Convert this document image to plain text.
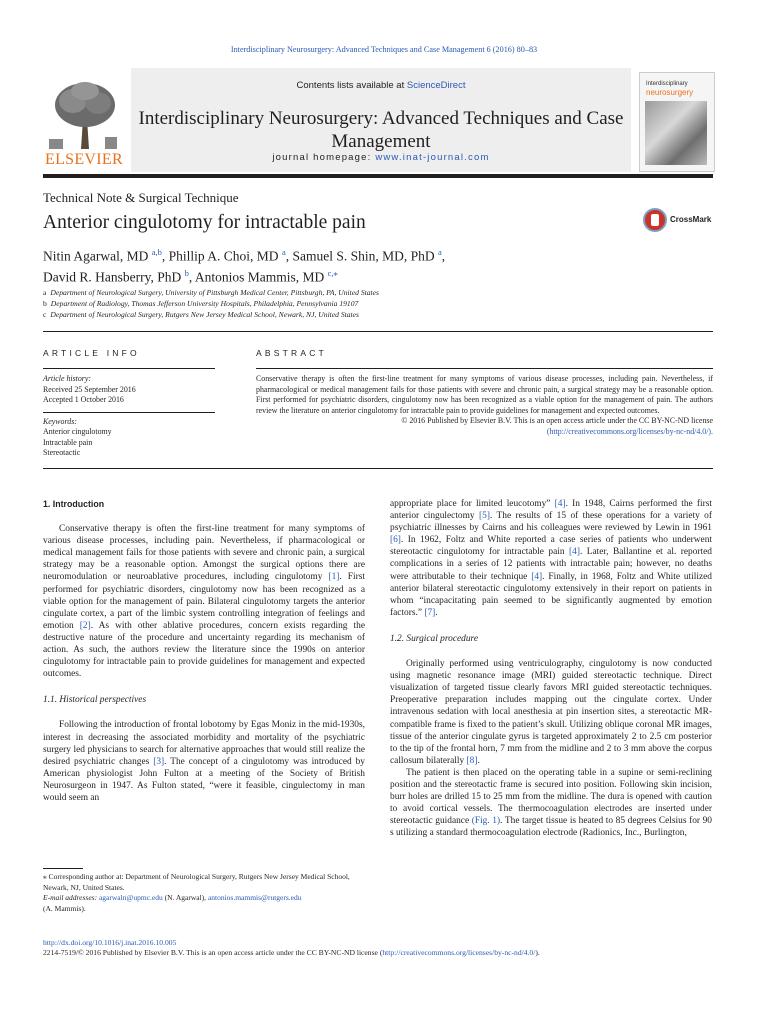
Interdisciplinary Neurosurgery: Advanced Techniques and Case Management 6 (2016) 80–83
ELSEVIER
Contents lists available at ScienceDirect
Interdisciplinary Neurosurgery: Advanced Techniques and Case Management
journal homepage: www.inat-journal.com
Interdisciplinary
neurosurgery
Technical Note & Surgical Technique
Anterior cingulotomy for intractable pain	CrossMark
Nitin Agarwal, MD $^{a,b}$, Phillip A. Choi, MD $^a$, Samuel S. Shin, MD, PhD $^a$,
David R. Hansberry, PhD $^b$, Antonios Mammis, MD $^{c,⁎}$
a Department of Neurological Surgery, University of Pittsburgh Medical Center, Pittsburgh, PA, United States
b Department of Radiology, Thomas Jefferson University Hospitals, Philadelphia, Pennsylvania 19107
c Department of Neurological Surgery, Rutgers New Jersey Medical School, Newark, NJ, United States
ARTICLE INFO	ABSTRACT
Article history:
Received 25 September 2016
Accepted 1 October 2016
Keywords:
Anterior cingulotomy
Intractable pain
Stereotactic
Conservative therapy is often the first-line treatment for many symptoms of various disease processes, including pain. Nevertheless, if pharmacological or medical management fails for those patients with severe and chronic pain, a surgical strategy may be a reasonable option. First performed for psychiatric disorders, cingulotomy now has been recognized as a viable option for the management of pain. The authors review the literature on anterior cingulotomy for intractable pain to provide guidelines for management and expected outcomes.
© 2016 Published by Elsevier B.V. This is an open access article under the CC BY-NC-ND license
(http://creativecommons.org/licenses/by-nc-nd/4.0/).
1. Introduction

Conservative therapy is often the first-line treatment for many symptoms of various disease processes, including pain. Nevertheless, if pharmacological or medical management fails for those patients with severe and chronic pain, a surgical strategy may be a reasonable option. Amongst the surgical options there are neuromodulation or neuroablative procedures, including cingulotomy [1]. First performed for psychiatric disorders, cingulotomy now has been recognized as a viable option for the management of pain. Bilateral cingulotomy targets the anterior cingulate cortex, a part of the limbic system controlling integration of feelings and emotion [2]. As with other ablative procedures, concern exists regarding the destructive nature of the procedure and uncertainty regarding its mechanism of action. As such, the authors review the literature since the 1990s on anterior cingulotomy for intractable pain to provide guidelines for management and expected outcomes.

1.1. Historical perspectives

Following the introduction of frontal lobotomy by Egas Moniz in the mid-1930s, interest in decreasing the associated morbidity and mortality of the psychiatric surgery led physicians to search for alternative approaches that would still realize the desired psychiatric changes [3]. The concept of a cingulotomy was introduced by American physiologist John Fulton at a meeting of the Society of British Neurosurgeon in 1947. As Fulton stated, “were it feasible, cingulectomy in man would seem an

appropriate place for limited leucotomy” [4]. In 1948, Cairns performed the first anterior cingulectomy [5]. The results of 15 of these operations for a variety of psychiatric illnesses by Cairns and his colleagues were reviewed by Lewin in 1961 [6]. In 1962, Foltz and White reported a case series of patients who underwent stereotactic cingulotomy for intractable pain [4]. Later, Ballantine et al. reported complications in a series of 12 patients with intractable pain; however, no deaths were attributable to their technique [4]. Finally, in 1968, Foltz and White utilized anterior bilateral stereotactic cingulotomy extensively in their report on patients in whom “incapacitating pain seemed to be significantly augmented by emotion factors.” [7].

1.2. Surgical procedure

Originally performed using ventriculography, cingulotomy is now conducted using magnetic resonance image (MRI) guided stereotactic technique. Direct visualization of targeted tissue clearly favors MRI guided stereotactic techniques. Preoperative preparation includes mapping out the cingulate cortex. Under intravenous sedation with local anesthesia at pin insertion sites, a stereotactic MR-compatible frame is fixed to the patient’s skull. Utilizing oblique coronal MR images, tissue of the anterior cingulate gyrus is targeted approximately 2 to 2.5 cm posterior to the tip of the frontal horn, 7 mm from the midline and 2 to 3 mm above the corpus callosum bilaterally [8].

The patient is then placed on the operating table in a supine or semi-reclining position and the stereotactic frame is secured into position. Following skin incision, burr holes are drilled 15 to 25 mm from the midline. The dura is opened with caution to avoid cortical vessels. The thermocoagulation electrodes are inserted under stereotactic guidance (Fig. 1). The target tissue is heated to 85 degrees Celsius for 90 s utilizing a standard thermocoagulation electrode (Radionics, Inc., Burlington,

⁎ Corresponding author at: Department of Neurological Surgery, Rutgers New Jersey Medical School, Newark, NJ, United States.
E-mail addresses: agarwaln@upmc.edu (N. Agarwal), antonios.mammis@rutgers.edu
(A. Mammis).
http://dx.doi.org/10.1016/j.inat.2016.10.005
2214-7519/© 2016 Published by Elsevier B.V. This is an open access article under the CC BY-NC-ND license (http://creativecommons.org/licenses/by-nc-nd/4.0/).
